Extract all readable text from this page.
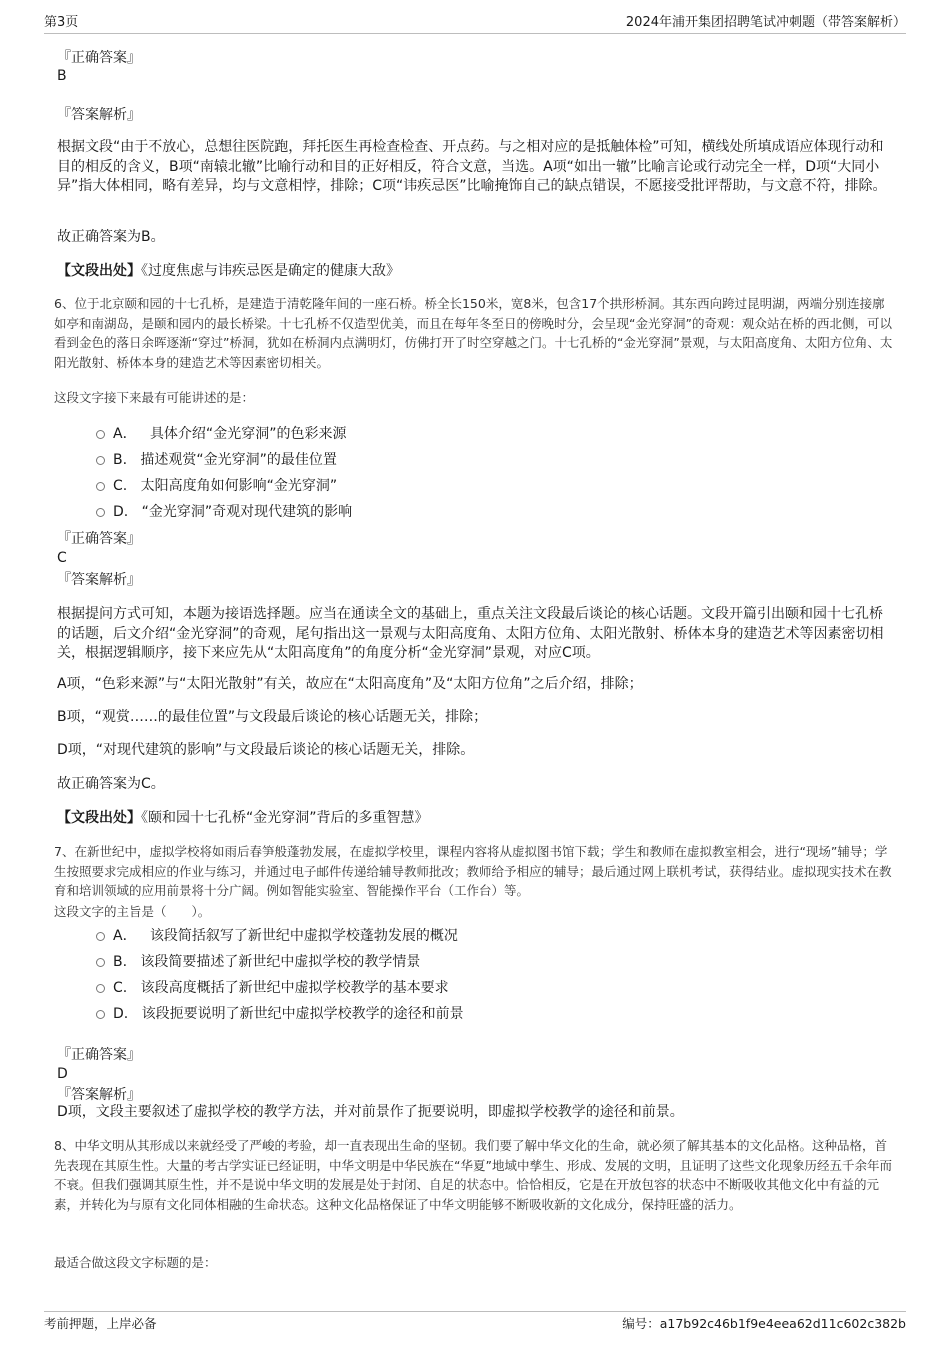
第3页	2024年浦开集团招聘笔试冲刺题（带答案解析）
『正确答案』
B
『答案解析』
根据文段“由于不放心，总想往医院跑，拜托医生再检查检查、开点药。与之相对应的是抵触体检”可知，横线处所填成语应体现行动和目的相反的含义，B项“南辕北辙”比喻行动和目的正好相反，符合文意，当选。A项“如出一辙”比喻言论或行动完全一样，D项“大同小异”指大体相同，略有差异，均与文意相悖，排除；C项“讳疾忌医”比喻掩饰自己的缺点错误，不愿接受批评帮助，与文意不符，排除。
故正确答案为B。
【文段出处】《过度焦虑与讳疾忌医是确定的健康大敌》
6、位于北京颐和园的十七孔桥，是建造于清乾隆年间的一座石桥。桥全长150米，宽8米，包含17个拱形桥洞。其东西向跨过昆明湖，两端分别连接廓如亭和南湖岛，是颐和园内的最长桥梁。十七孔桥不仅造型优美，而且在每年冬至日的傍晚时分，会呈现“金光穿洞”的奇观：观众站在桥的西北侧，可以看到金色的落日余晖逐渐“穿过”桥洞，犹如在桥洞内点满明灯，仿佛打开了时空穿越之门。十七孔桥的“金光穿洞”景观，与太阳高度角、太阳方位角、太阳光散射、桥体本身的建造艺术等因素密切相关。
这段文字接下来最有可能讲述的是：
A． 具体介绍“金光穿洞”的色彩来源
B. 描述观赏“金光穿洞”的最佳位置
C. 太阳高度角如何影响“金光穿洞”
D. “金光穿洞”奇观对现代建筑的影响
『正确答案』
C
『答案解析』
根据提问方式可知，本题为接语选择题。应当在通读全文的基础上，重点关注文段最后谈论的核心话题。文段开篇引出颐和园十七孔桥的话题，后文介绍“金光穿洞”的奇观，尾句指出这一景观与太阳高度角、太阳方位角、太阳光散射、桥体本身的建造艺术等因素密切相关，根据逻辑顺序，接下来应先从“太阳高度角”的角度分析“金光穿洞”景观，对应C项。
A项，“色彩来源”与“太阳光散射”有关，故应在“太阳高度角”及“太阳方位角”之后介绍，排除；
B项，“观赏……的最佳位置”与文段最后谈论的核心话题无关，排除；
D项，“对现代建筑的影响”与文段最后谈论的核心话题无关，排除。
故正确答案为C。
【文段出处】《颐和园十七孔桥“金光穿洞”背后的多重智慧》
7、在新世纪中，虚拟学校将如雨后春笋般蓬勃发展，在虚拟学校里，课程内容将从虚拟图书馆下载；学生和教师在虚拟教室相会，进行“现场”辅导；学生按照要求完成相应的作业与练习，并通过电子邮件传递给辅导教师批改；教师给予相应的辅导；最后通过网上联机考试，获得结业。虚拟现实技术在教育和培训领域的应用前景将十分广阔。例如智能实验室、智能操作平台（工作台）等。
这段文字的主旨是（　　）。
A． 该段简括叙写了新世纪中虚拟学校蓬勃发展的概况
B. 该段简要描述了新世纪中虚拟学校的教学情景
C. 该段高度概括了新世纪中虚拟学校教学的基本要求
D. 该段扼要说明了新世纪中虚拟学校教学的途径和前景
『正确答案』
D
『答案解析』
D项，文段主要叙述了虚拟学校的教学方法，并对前景作了扼要说明，即虚拟学校教学的途径和前景。
8、中华文明从其形成以来就经受了严峻的考验，却一直表现出生命的坚韧。我们要了解中华文化的生命，就必须了解其基本的文化品格。这种品格，首先表现在其原生性。大量的考古学实证已经证明，中华文明是中华民族在“华夏”地域中孳生、形成、发展的文明，且证明了这些文化现象历经五千余年而不衰。但我们强调其原生性，并不是说中华文明的发展是处于封闭、自足的状态中。恰恰相反，它是在开放包容的状态中不断吸收其他文化中有益的元素，并转化为与原有文化同体相融的生命状态。这种文化品格保证了中华文明能够不断吸收新的文化成分，保持旺盛的活力。
最适合做这段文字标题的是：
考前押题，上岸必备	编号：a17b92c46b1f9e4eea62d11c602c382b
